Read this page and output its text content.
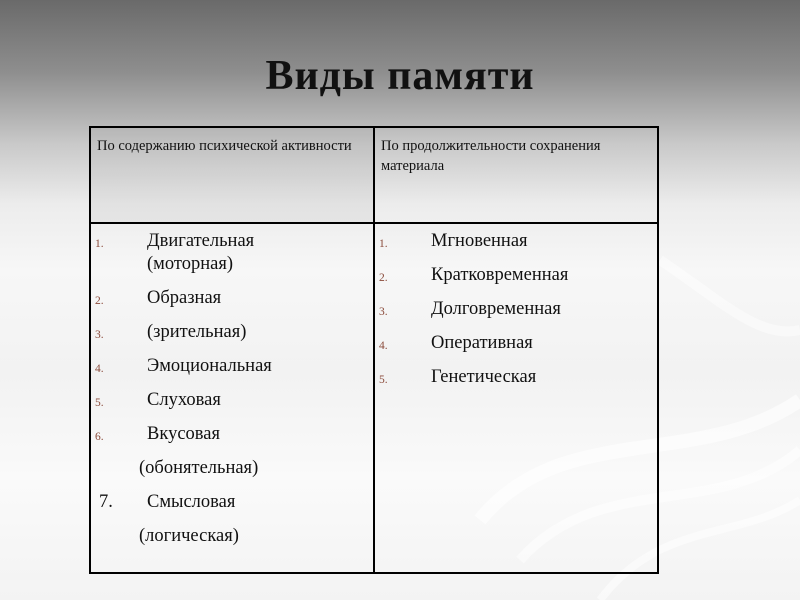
Виды памяти
По содержанию психической активности	По продолжительности сохранения материала
1.	Двигательная (моторная)
2.	Образная
3.	(зрительная)
4.	Эмоциональная
5.	Слуховая
6.	Вкусовая
(обонятельная)
7.	Смысловая
(логическая)
1.	Мгновенная
2.	Кратковременная
3.	Долговременная
4.	Оперативная
5.	Генетическая
